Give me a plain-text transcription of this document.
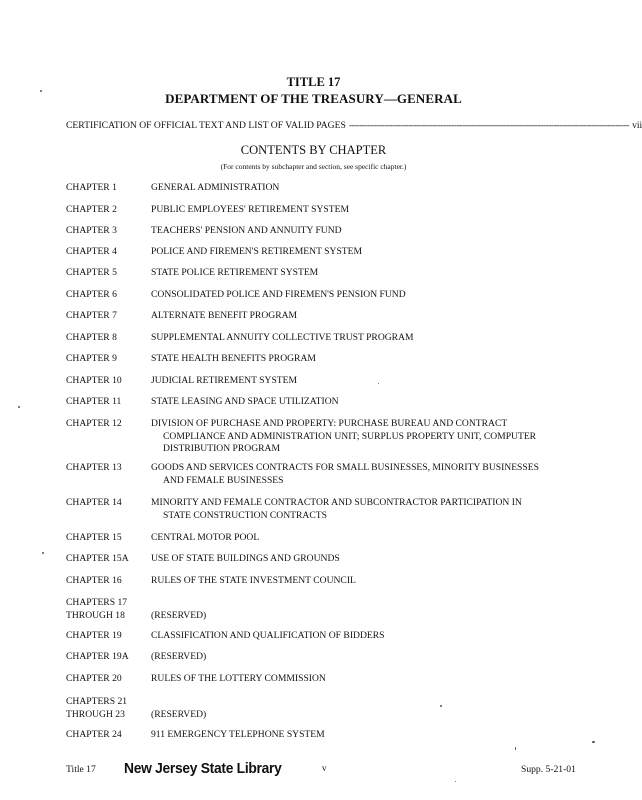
TITLE 17
DEPARTMENT OF THE TREASURY—GENERAL
CERTIFICATION OF OFFICIAL TEXT AND LIST OF VALID PAGES -------------------------------------------------------------------------------------------------------- vii
CONTENTS BY CHAPTER
(For contents by subchapter and section, see specific chapter.)
CHAPTER 1	GENERAL ADMINISTRATION
CHAPTER 2	PUBLIC EMPLOYEES' RETIREMENT SYSTEM
CHAPTER 3	TEACHERS' PENSION AND ANNUITY FUND
CHAPTER 4	POLICE AND FIREMEN'S RETIREMENT SYSTEM
CHAPTER 5	STATE POLICE RETIREMENT SYSTEM
CHAPTER 6	CONSOLIDATED POLICE AND FIREMEN'S PENSION FUND
CHAPTER 7	ALTERNATE BENEFIT PROGRAM
CHAPTER 8	SUPPLEMENTAL ANNUITY COLLECTIVE TRUST PROGRAM
CHAPTER 9	STATE HEALTH BENEFITS PROGRAM
CHAPTER 10	JUDICIAL RETIREMENT SYSTEM
CHAPTER 11	STATE LEASING AND SPACE UTILIZATION
CHAPTER 12	DIVISION OF PURCHASE AND PROPERTY: PURCHASE BUREAU AND CONTRACT
COMPLIANCE AND ADMINISTRATION UNIT; SURPLUS PROPERTY UNIT, COMPUTER
DISTRIBUTION PROGRAM
CHAPTER 13	GOODS AND SERVICES CONTRACTS FOR SMALL BUSINESSES, MINORITY BUSINESSES
AND FEMALE BUSINESSES
CHAPTER 14	MINORITY AND FEMALE CONTRACTOR AND SUBCONTRACTOR PARTICIPATION IN
STATE CONSTRUCTION CONTRACTS
CHAPTER 15	CENTRAL MOTOR POOL
CHAPTER 15A	USE OF STATE BUILDINGS AND GROUNDS
CHAPTER 16	RULES OF THE STATE INVESTMENT COUNCIL
CHAPTERS 17
THROUGH 18	(RESERVED)
CHAPTER 19	CLASSIFICATION AND QUALIFICATION OF BIDDERS
CHAPTER 19A	(RESERVED)
CHAPTER 20	RULES OF THE LOTTERY COMMISSION
CHAPTERS 21
THROUGH 23	(RESERVED)
CHAPTER 24	911 EMERGENCY TELEPHONE SYSTEM
Title 17 New Jersey State Library	v	Supp. 5-21-01
